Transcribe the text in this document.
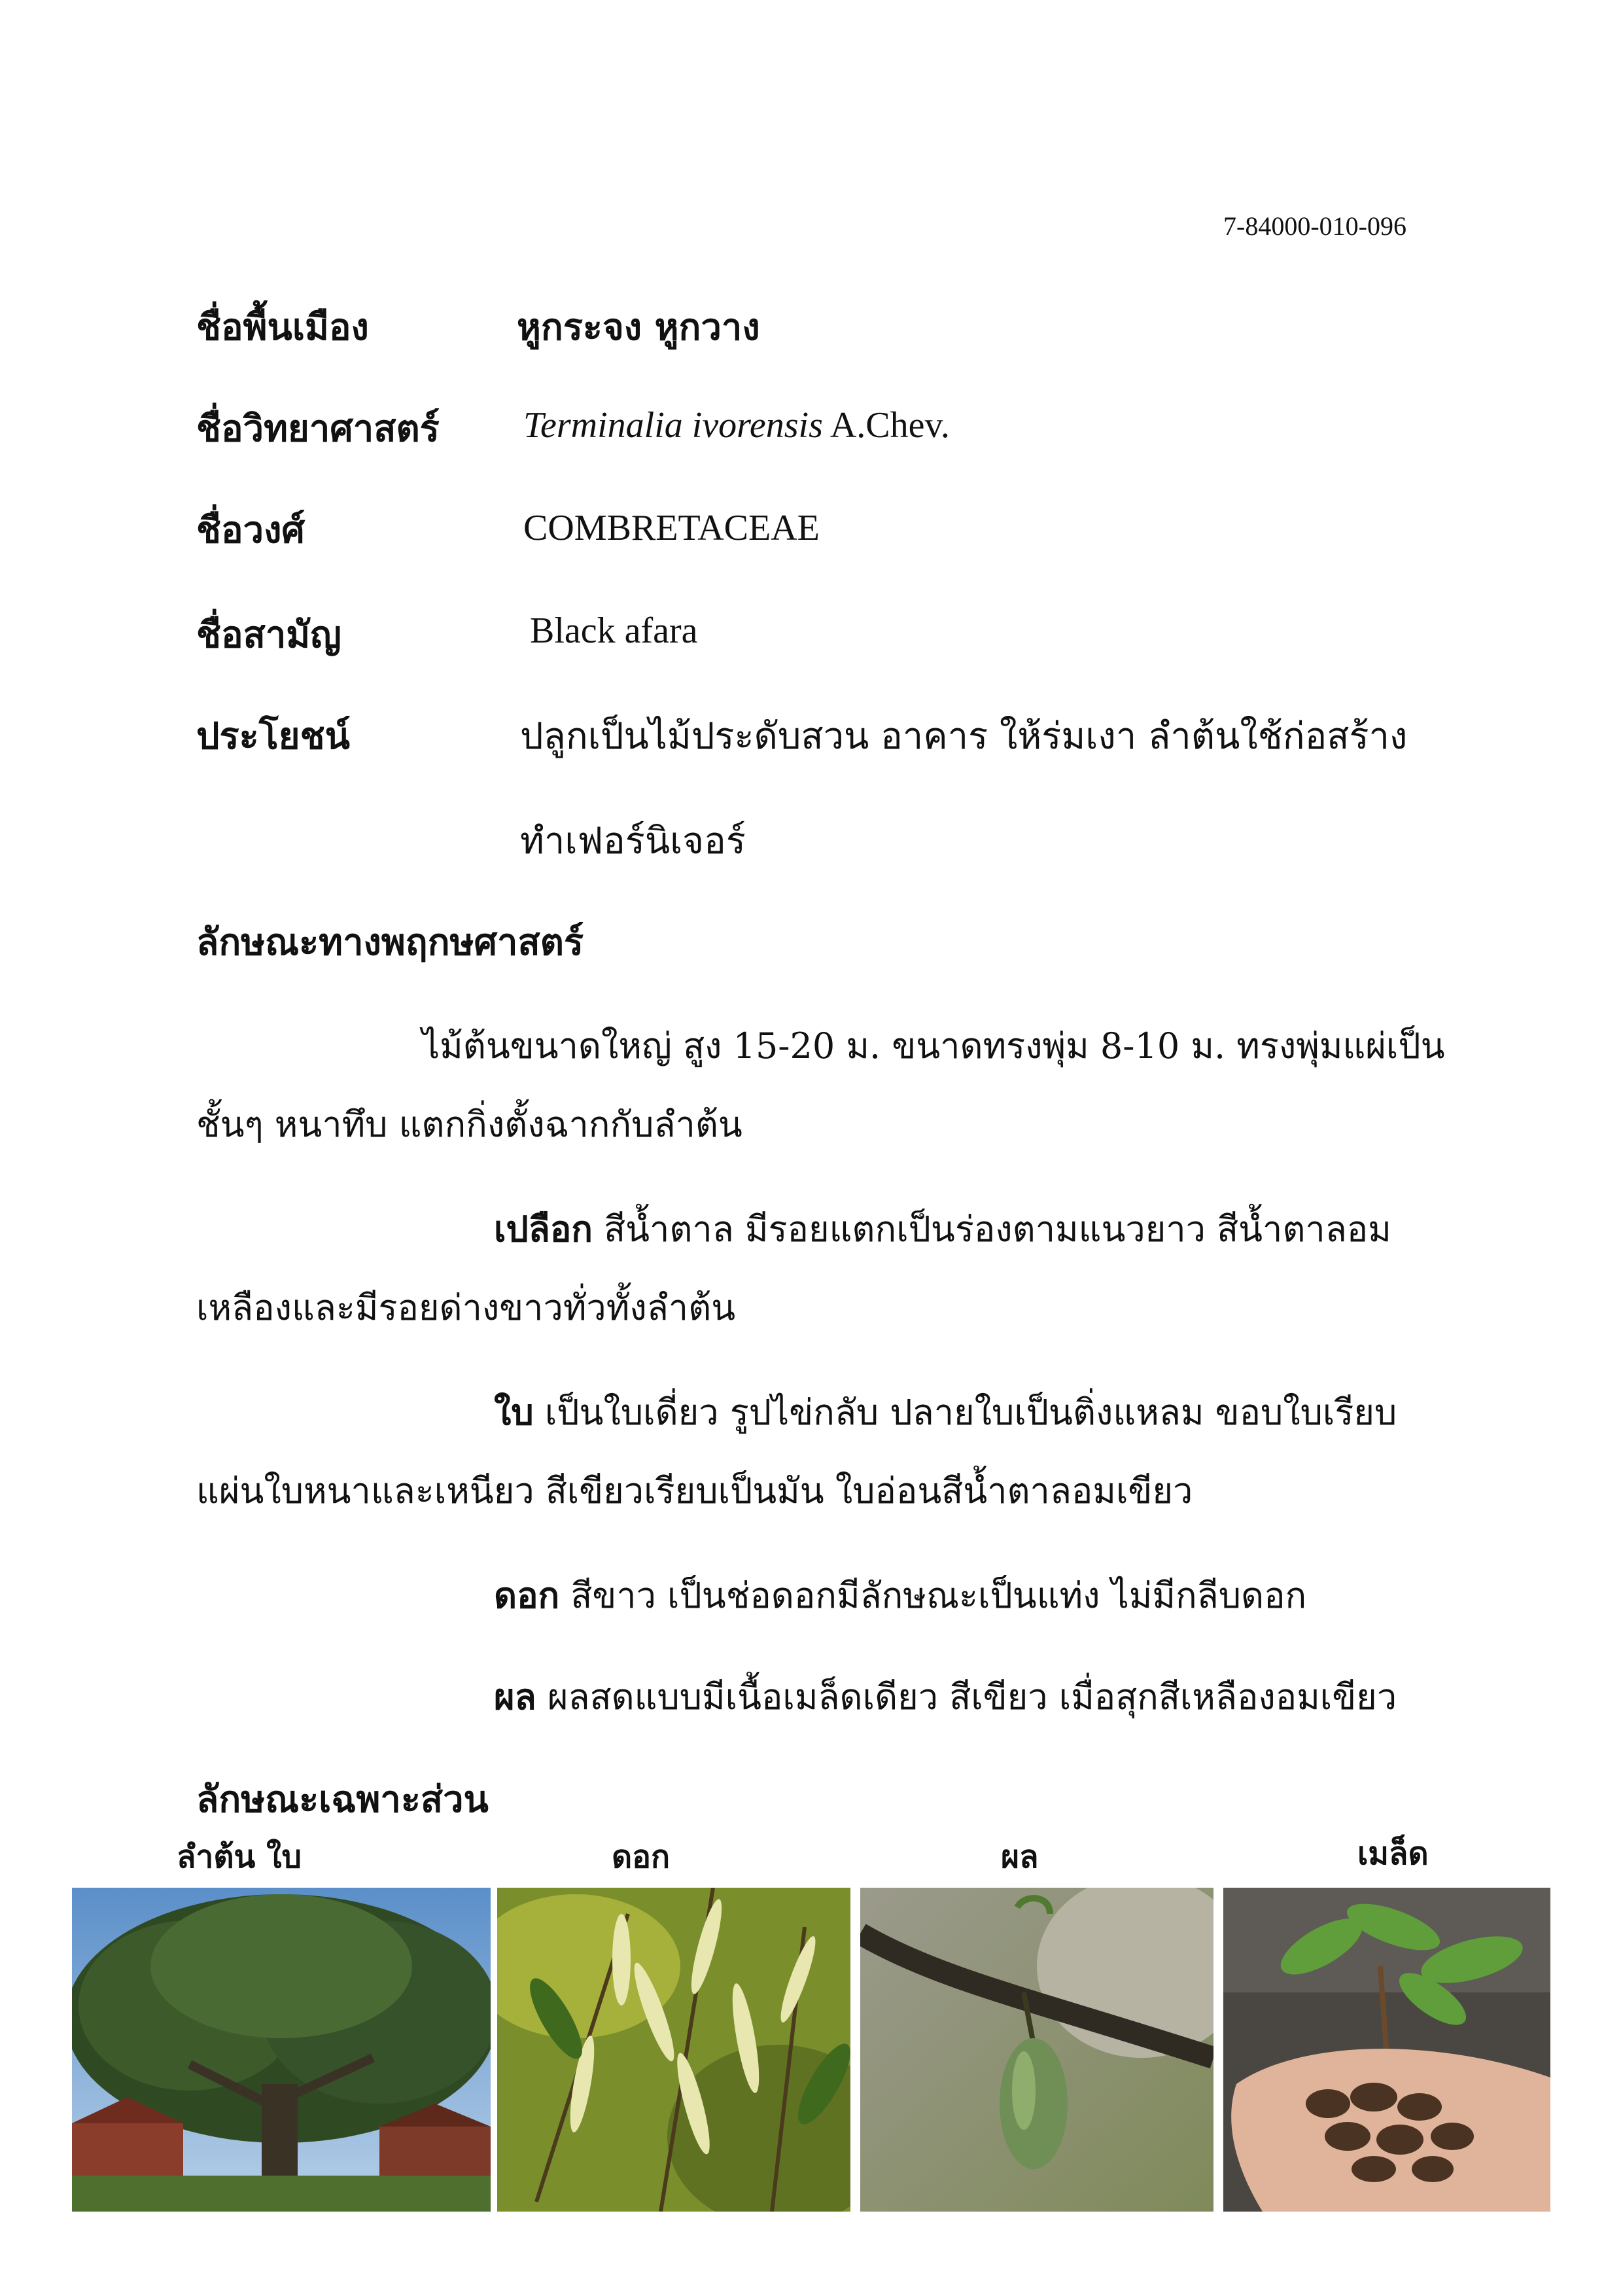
7-84000-010-096
ชื่อพื้นเมือง	หูกระจง หูกวาง
ชื่อวิทยาศาสตร์ Terminalia ivorensis A.Chev.
ชื่อวงศ์	COMBRETACEAE
ชื่อสามัญ	Black afara
ประโยชน์	ปลูกเป็นไม้ประดับสวน อาคาร ให้ร่มเงา ลำต้นใช้ก่อสร้าง
ทำเฟอร์นิเจอร์
ลักษณะทางพฤกษศาสตร์
ไม้ต้นขนาดใหญ่ สูง 15-20 ม. ขนาดทรงพุ่ม 8-10 ม. ทรงพุ่มแผ่เป็น
ชั้นๆ หนาทึบ แตกกิ่งตั้งฉากกับลำต้น
เปลือก สีน้ำตาล มีรอยแตกเป็นร่องตามแนวยาว สีน้ำตาลอม
เหลืองและมีรอยด่างขาวทั่วทั้งลำต้น
ใบ เป็นใบเดี่ยว รูปไข่กลับ ปลายใบเป็นติ่งแหลม ขอบใบเรียบ
แผ่นใบหนาและเหนียว สีเขียวเรียบเป็นมัน ใบอ่อนสีน้ำตาลอมเขียว
ดอก สีขาว เป็นช่อดอกมีลักษณะเป็นแท่ง ไม่มีกลีบดอก
ผล ผลสดแบบมีเนื้อเมล็ดเดียว สีเขียว เมื่อสุกสีเหลืองอมเขียว
ลักษณะเฉพาะส่วน
ลำต้น ใบ	ดอก	ผล	เมล็ด
